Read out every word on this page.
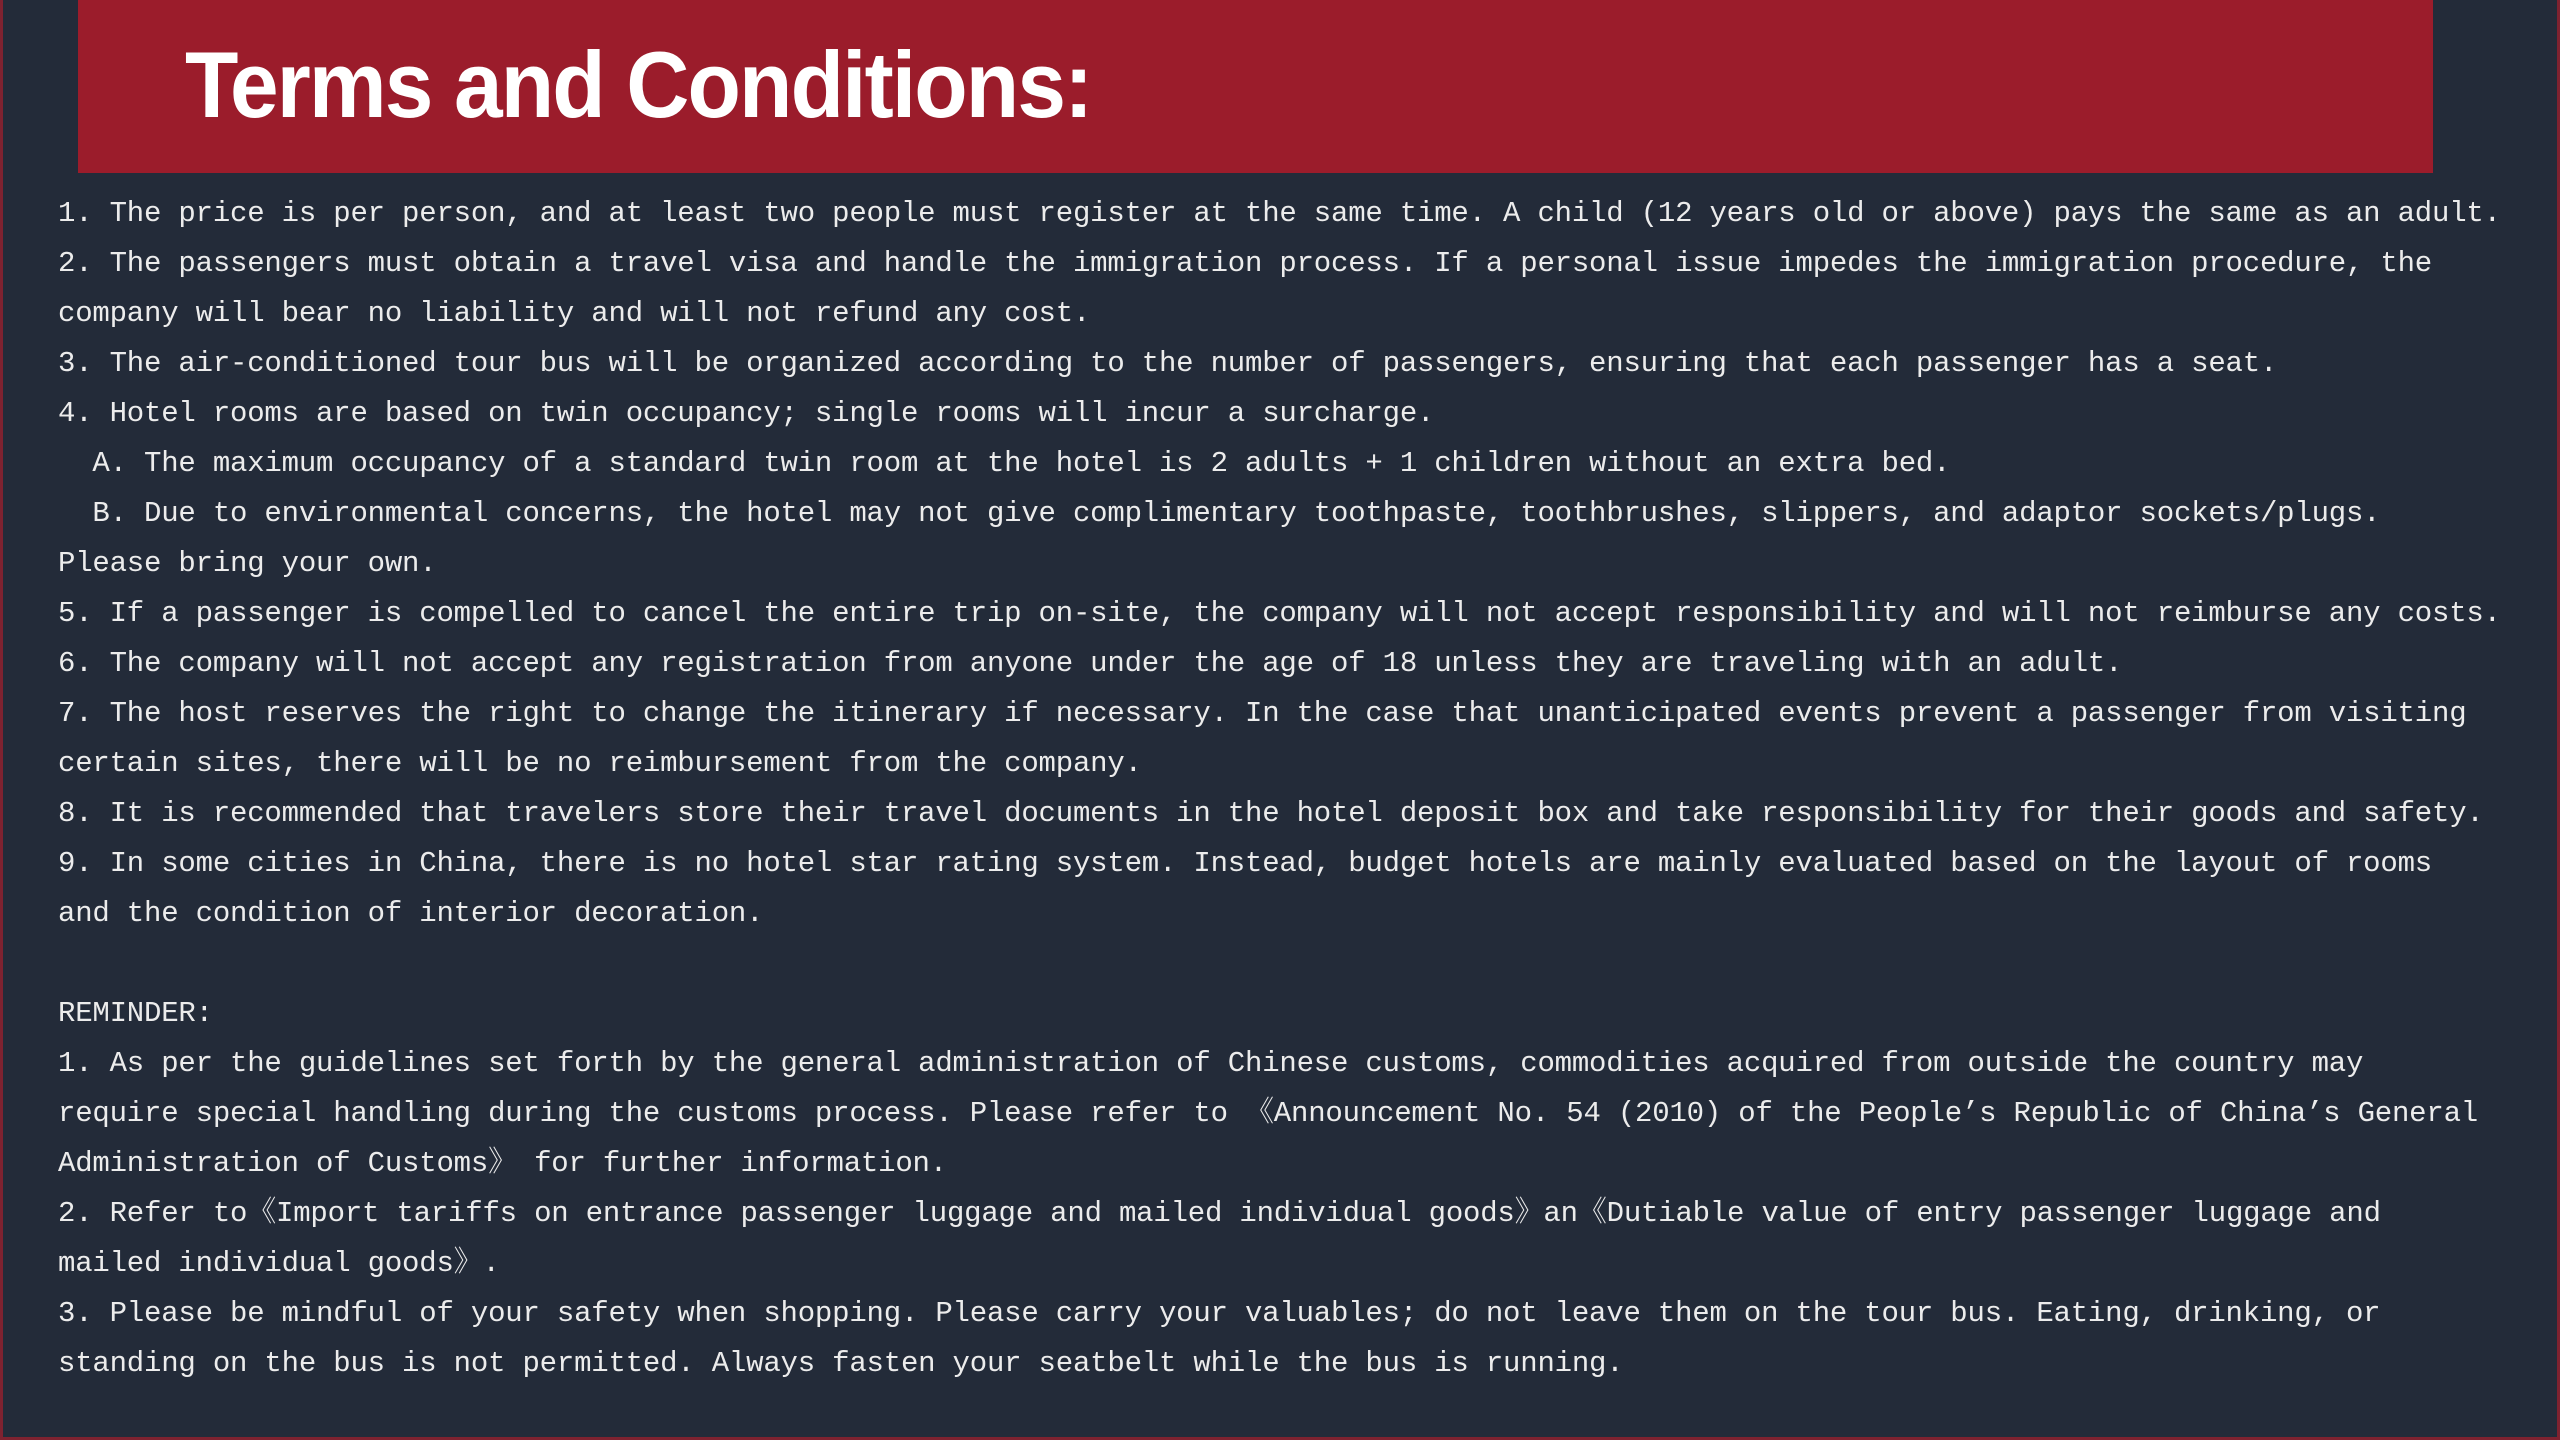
Terms and Conditions:
1. The price is per person, and at least two people must register at the same time. A child (12 years old or above) pays the same as an adult.
2. The passengers must obtain a travel visa and handle the immigration process. If a personal issue impedes the immigration procedure, the
company will bear no liability and will not refund any cost.
3. The air-conditioned tour bus will be organized according to the number of passengers, ensuring that each passenger has a seat.
4. Hotel rooms are based on twin occupancy; single rooms will incur a surcharge.
A. The maximum occupancy of a standard twin room at the hotel is 2 adults + 1 children without an extra bed.
B. Due to environmental concerns, the hotel may not give complimentary toothpaste, toothbrushes, slippers, and adaptor sockets/plugs.
Please bring your own.
5. If a passenger is compelled to cancel the entire trip on-site, the company will not accept responsibility and will not reimburse any costs.
6. The company will not accept any registration from anyone under the age of 18 unless they are traveling with an adult.
7. The host reserves the right to change the itinerary if necessary. In the case that unanticipated events prevent a passenger from visiting
certain sites, there will be no reimbursement from the company.
8. It is recommended that travelers store their travel documents in the hotel deposit box and take responsibility for their goods and safety.
9. In some cities in China, there is no hotel star rating system. Instead, budget hotels are mainly evaluated based on the layout of rooms
and the condition of interior decoration.
REMINDER:
1. As per the guidelines set forth by the general administration of Chinese customs, commodities acquired from outside the country may
require special handling during the customs process. Please refer to 《Announcement No. 54 (2010) of the People’s Republic of China’s General
Administration of Customs》 for further information.
2. Refer to《Import tariffs on entrance passenger luggage and mailed individual goods》an《Dutiable value of entry passenger luggage and
mailed individual goods》.
3. Please be mindful of your safety when shopping. Please carry your valuables; do not leave them on the tour bus. Eating, drinking, or
standing on the bus is not permitted. Always fasten your seatbelt while the bus is running.
